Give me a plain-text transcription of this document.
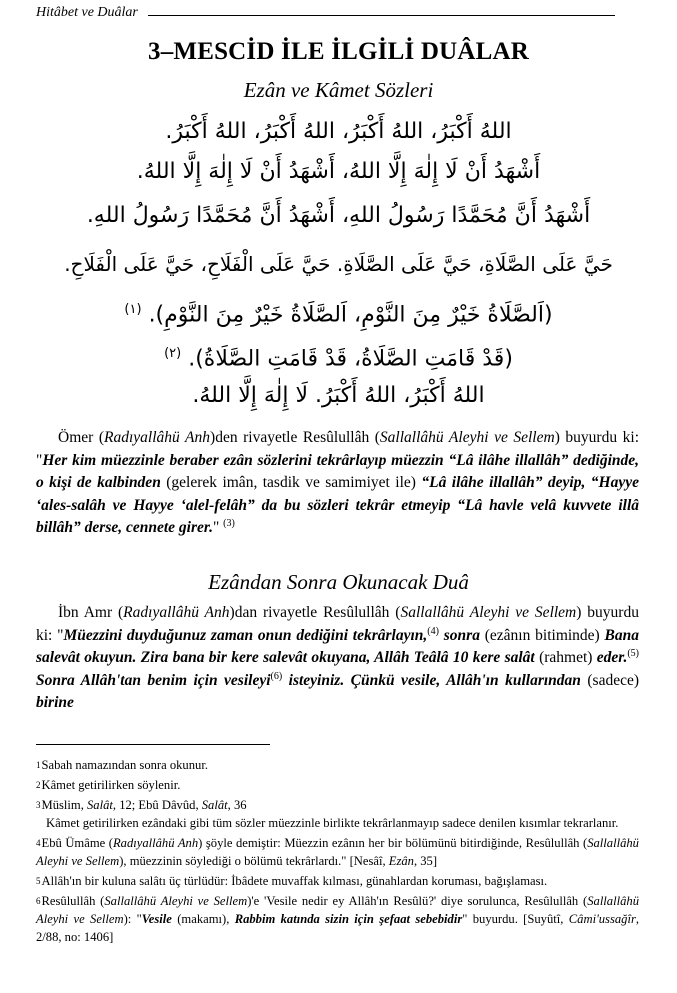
Hitâbet ve Duâlar
3–MESCİD İLE İLGİLİ DUÂLAR
Ezân ve Kâmet Sözleri
اللهُ أَكْبَرُ، اللهُ أَكْبَرُ، اللهُ أَكْبَرُ، اللهُ أَكْبَرُ.
أَشْهَدُ أَنْ لَا إِلٰهَ إِلَّا اللهُ، أَشْهَدُ أَنْ لَا إِلٰهَ إِلَّا اللهُ.
أَشْهَدُ أَنَّ مُحَمَّدًا رَسُولُ اللهِ، أَشْهَدُ أَنَّ مُحَمَّدًا رَسُولُ اللهِ.
حَيَّ عَلَى الصَّلَاةِ، حَيَّ عَلَى الصَّلَاةِ. حَيَّ عَلَى الْفَلَاحِ، حَيَّ عَلَى الْفَلَاحِ.
(اَلصَّلَاةُ خَيْرٌ مِنَ النَّوْمِ، اَلصَّلَاةُ خَيْرٌ مِنَ النَّوْمِ). $^{(١)}$
(قَدْ قَامَتِ الصَّلَاةُ، قَدْ قَامَتِ الصَّلَاةُ). $^{(٢)}$
اللهُ أَكْبَرُ، اللهُ أَكْبَرُ. لَا إِلٰهَ إِلَّا اللهُ.

Ömer (Radıyallâhü Anh)den rivayetle Resûlullâh (Sallallâhü Aleyhi ve Sellem) buyurdu ki: "Her kim müezzinle beraber ezân sözlerini tekrârlayıp müezzin “Lâ ilâhe illallâh” dediğinde, o kişi de kalbinden (gelerek imân, tasdik ve samimiyet ile) “Lâ ilâhe illallâh” deyip, “Hayye ‘ales-salâh ve Hayye ‘alel-felâh” da bu sözleri tekrâr etmeyip “Lâ havle velâ kuvvete illâ billâh” derse, cennete girer." $^{(3)}$

Ezândan Sonra Okunacak Duâ

İbn Amr (Radıyallâhü Anh)dan rivayetle Resûlullâh (Sallallâhü Aleyhi ve Sellem) buyurdu ki: "Müezzini duyduğunuz zaman onun dediğini tekrârlayın,$^{(4)}$ sonra (ezânın bitiminde) Bana salevât okuyun. Zira bana bir kere salevât okuyana, Allâh Teâlâ 10 kere salât (rahmet) eder.$^{(5)}$ Sonra Allâh'tan benim için vesileyi$^{(6)}$ isteyiniz. Çünkü vesile, Allâh'ın kullarından (sadece) birine

1Sabah namazından sonra okunur.
2Kâmet getirilirken söylenir.
3Müslim, Salât, 12; Ebû Dâvûd, Salât, 36
Kâmet getirilirken ezândaki gibi tüm sözler müezzinle birlikte tekrârlanmayıp sadece denilen kısımlar tekrarlanır.
4Ebû Ümâme (Radıyallâhü Anh) şöyle demiştir: Müezzin ezânın her bir bölümünü bitirdiğinde, Resûlullâh (Sallallâhü Aleyhi ve Sellem), müezzinin söylediği o bölümü tekrârlardı." [Nesâî, Ezân, 35]
5Allâh'ın bir kuluna salâtı üç türlüdür: İbâdete muvaffak kılması, günahlardan koruması, bağışlaması.
6Resûlullâh (Sallallâhü Aleyhi ve Sellem)'e 'Vesile nedir ey Allâh'ın Resûlü?' diye sorulunca, Resûlullâh (Sallallâhü Aleyhi ve Sellem): "Vesile (makamı), Rabbim katında sizin için şefaat sebebidir" buyurdu. [Suyûtî, Câmi'ussağîr, 2/88, no: 1406]
